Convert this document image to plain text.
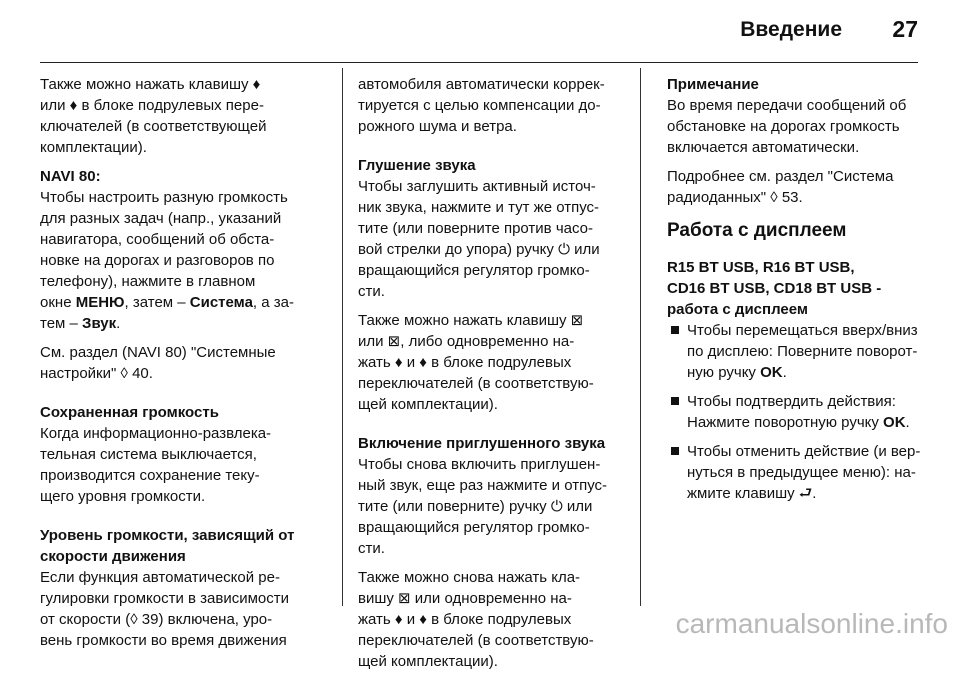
Введение 27

Также можно нажать клавишу ♦
или ♦ в блоке подрулевых пере-
ключателей (в соответствующей
комплектации).

NAVI 80:

Чтобы настроить разную громкость
для разных задач (напр., указаний
навигатора, сообщений об обста-
новке на дорогах и разговоров по
телефону), нажмите в главном
окне МЕНЮ, затем – Система, а за-
тем – Звук.

См. раздел (NAVI 80) "Системные
настройки" ◊ 40.

Сохраненная громкость

Когда информационно-развлека-
тельная система выключается,
производится сохранение теку-
щего уровня громкости.

Уровень громкости, зависящий от
скорости движения

Если функция автоматической ре-
гулировки громкости в зависимости
от скорости (◊ 39) включена, уро-
вень громкости во время движения

автомобиля автоматически коррек-
тируется с целью компенсации до-
рожного шума и ветра.

Глушение звука

Чтобы заглушить активный источ-
ник звука, нажмите и тут же отпус-
тите (или поверните против часо-
вой стрелки до упора) ручку ⏻ или
вращающийся регулятор громко-
сти.

Также можно нажать клавишу ⊠
или ⊠, либо одновременно на-
жать ♦ и ♦ в блоке подрулевых
переключателей (в соответствую-
щей комплектации).

Включение приглушенного звука

Чтобы снова включить приглушен-
ный звук, еще раз нажмите и отпус-
тите (или поверните) ручку ⏻ или
вращающийся регулятор громко-
сти.

Также можно снова нажать кла-
вишу ⊠ или одновременно на-
жать ♦ и ♦ в блоке подрулевых
переключателей (в соответствую-
щей комплектации).

Примечание

Во время передачи сообщений об
обстановке на дорогах громкость
включается автоматически.

Подробнее см. раздел "Система
радиоданных" ◊ 53.

Работа с дисплеем

R15 BT USB, R16 BT USB,
CD16 BT USB, CD18 BT USB -
работа с дисплеем

Чтобы перемещаться вверх/вниз
по дисплею: Поверните поворот-
ную ручку OK.
Чтобы подтвердить действия:
Нажмите поворотную ручку OK.
Чтобы отменить действие (и вер-
нуться в предыдущее меню): на-
жмите клавишу ⮐.
carmanualsonline.info
